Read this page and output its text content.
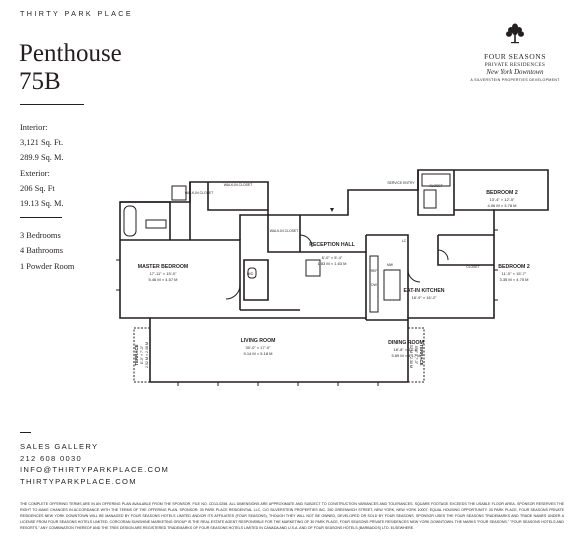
THIRTY PARK PLACE
Penthouse
75B
Interior:
3,121 Sq. Ft.
289.9 Sq. M.
Exterior:
206 Sq. Ft
19.13 Sq. M.
3 Bedrooms
4 Bathrooms
1 Powder Room
FOUR SEASONS
PRIVATE RESIDENCES
New York Downtown
A SILVERSTEIN PROPERTIES DEVELOPMENT
MASTER BEDROOM
17'-11" × 15'-0"
5.46 M × 4.57 M
BEDROOM 2
13'-4" × 12'-5"
4.06 M × 3.78 M
BEDROOM 2
11'-0" × 15'-7"
3.35 M × 4.75 M
RECEPTION HALL
6'-0" × 5'-4"
1.83 M × 1.63 M
EAT-IN KITCHEN
18'-9" × 16'-2"
LIVING ROOM
30'-0" × 17'-0"
9.14 M × 5.18 M
DINING ROOM
18'-8" × 13'-8"
5.69 M × 4.17 M
TERRACE 8'-3" × 7'-3" 2.52 M × 2.38 M	TERRACE
8'-3" × 7'-3"
2.52 M × 2.38 M
WALK-IN CLOSET
WALK-IN CLOSET
WALK-IN CLOSET
SERVICE ENTRY
CLOSET
CLOSET
W/D
LC
REF
DW
MW
SALES GALLERY
212 608 0030
INFO@THIRTYPARKPLACE.COM
THIRTYPARKPLACE.COM
THE COMPLETE OFFERING TERMS ARE IN AN OFFERING PLAN AVAILABLE FROM THE SPONSOR. FILE NO. CD13-0258. ALL DIMENSIONS ARE APPROXIMATE AND SUBJECT TO CONSTRUCTION VARIANCES AND TOLERANCES. SQUARE FOOTAGE EXCEEDS THE USABLE FLOOR AREA. SPONSOR RESERVES THE RIGHT TO MAKE CHANGES IN ACCORDANCE WITH THE TERMS OF THE OFFERING PLAN. SPONSOR: 30 PARK PLACE RESIDENTIAL LLC, C/O SILVERSTEIN PROPERTIES INC. 250 GREENWICH STREET, NEW YORK, NEW YORK 10007. EQUAL HOUSING OPPORTUNITY. 30 PARK PLACE, FOUR SEASONS PRIVATE RESIDENCES NEW YORK DOWNTOWN WILL BE MANAGED BY FOUR SEASONS HOTELS LIMITED AND/OR ITS AFFILIATES (FOUR SEASONS), THOUGH THEY WILL NOT BE OWNED, DEVELOPED OR SOLD BY FOUR SEASONS. SPONSOR USES THE FOUR SEASONS TRADEMARKS AND TRADE NAMES UNDER A LICENSE FROM FOUR SEASONS HOTELS LIMITED. CORCORAN SUNSHINE MARKETING GROUP IS THE REAL ESTATE AGENT RESPONSIBLE FOR THE MARKETING OF 30 PARK PLACE, FOUR SEASONS PRIVATE RESIDENCES NEW YORK DOWNTOWN. THE MARKS "FOUR SEASONS," "FOUR SEASONS HOTELS AND RESORTS," ANY COMBINATION THEREOF AND THE TREE DESIGN ARE REGISTERED TRADEMARKS OF FOUR SEASONS HOTELS LIMITED IN CANADA AND U.S.A. AND OF FOUR SEASONS HOTELS (BARBADOS) LTD. ELSEWHERE.
